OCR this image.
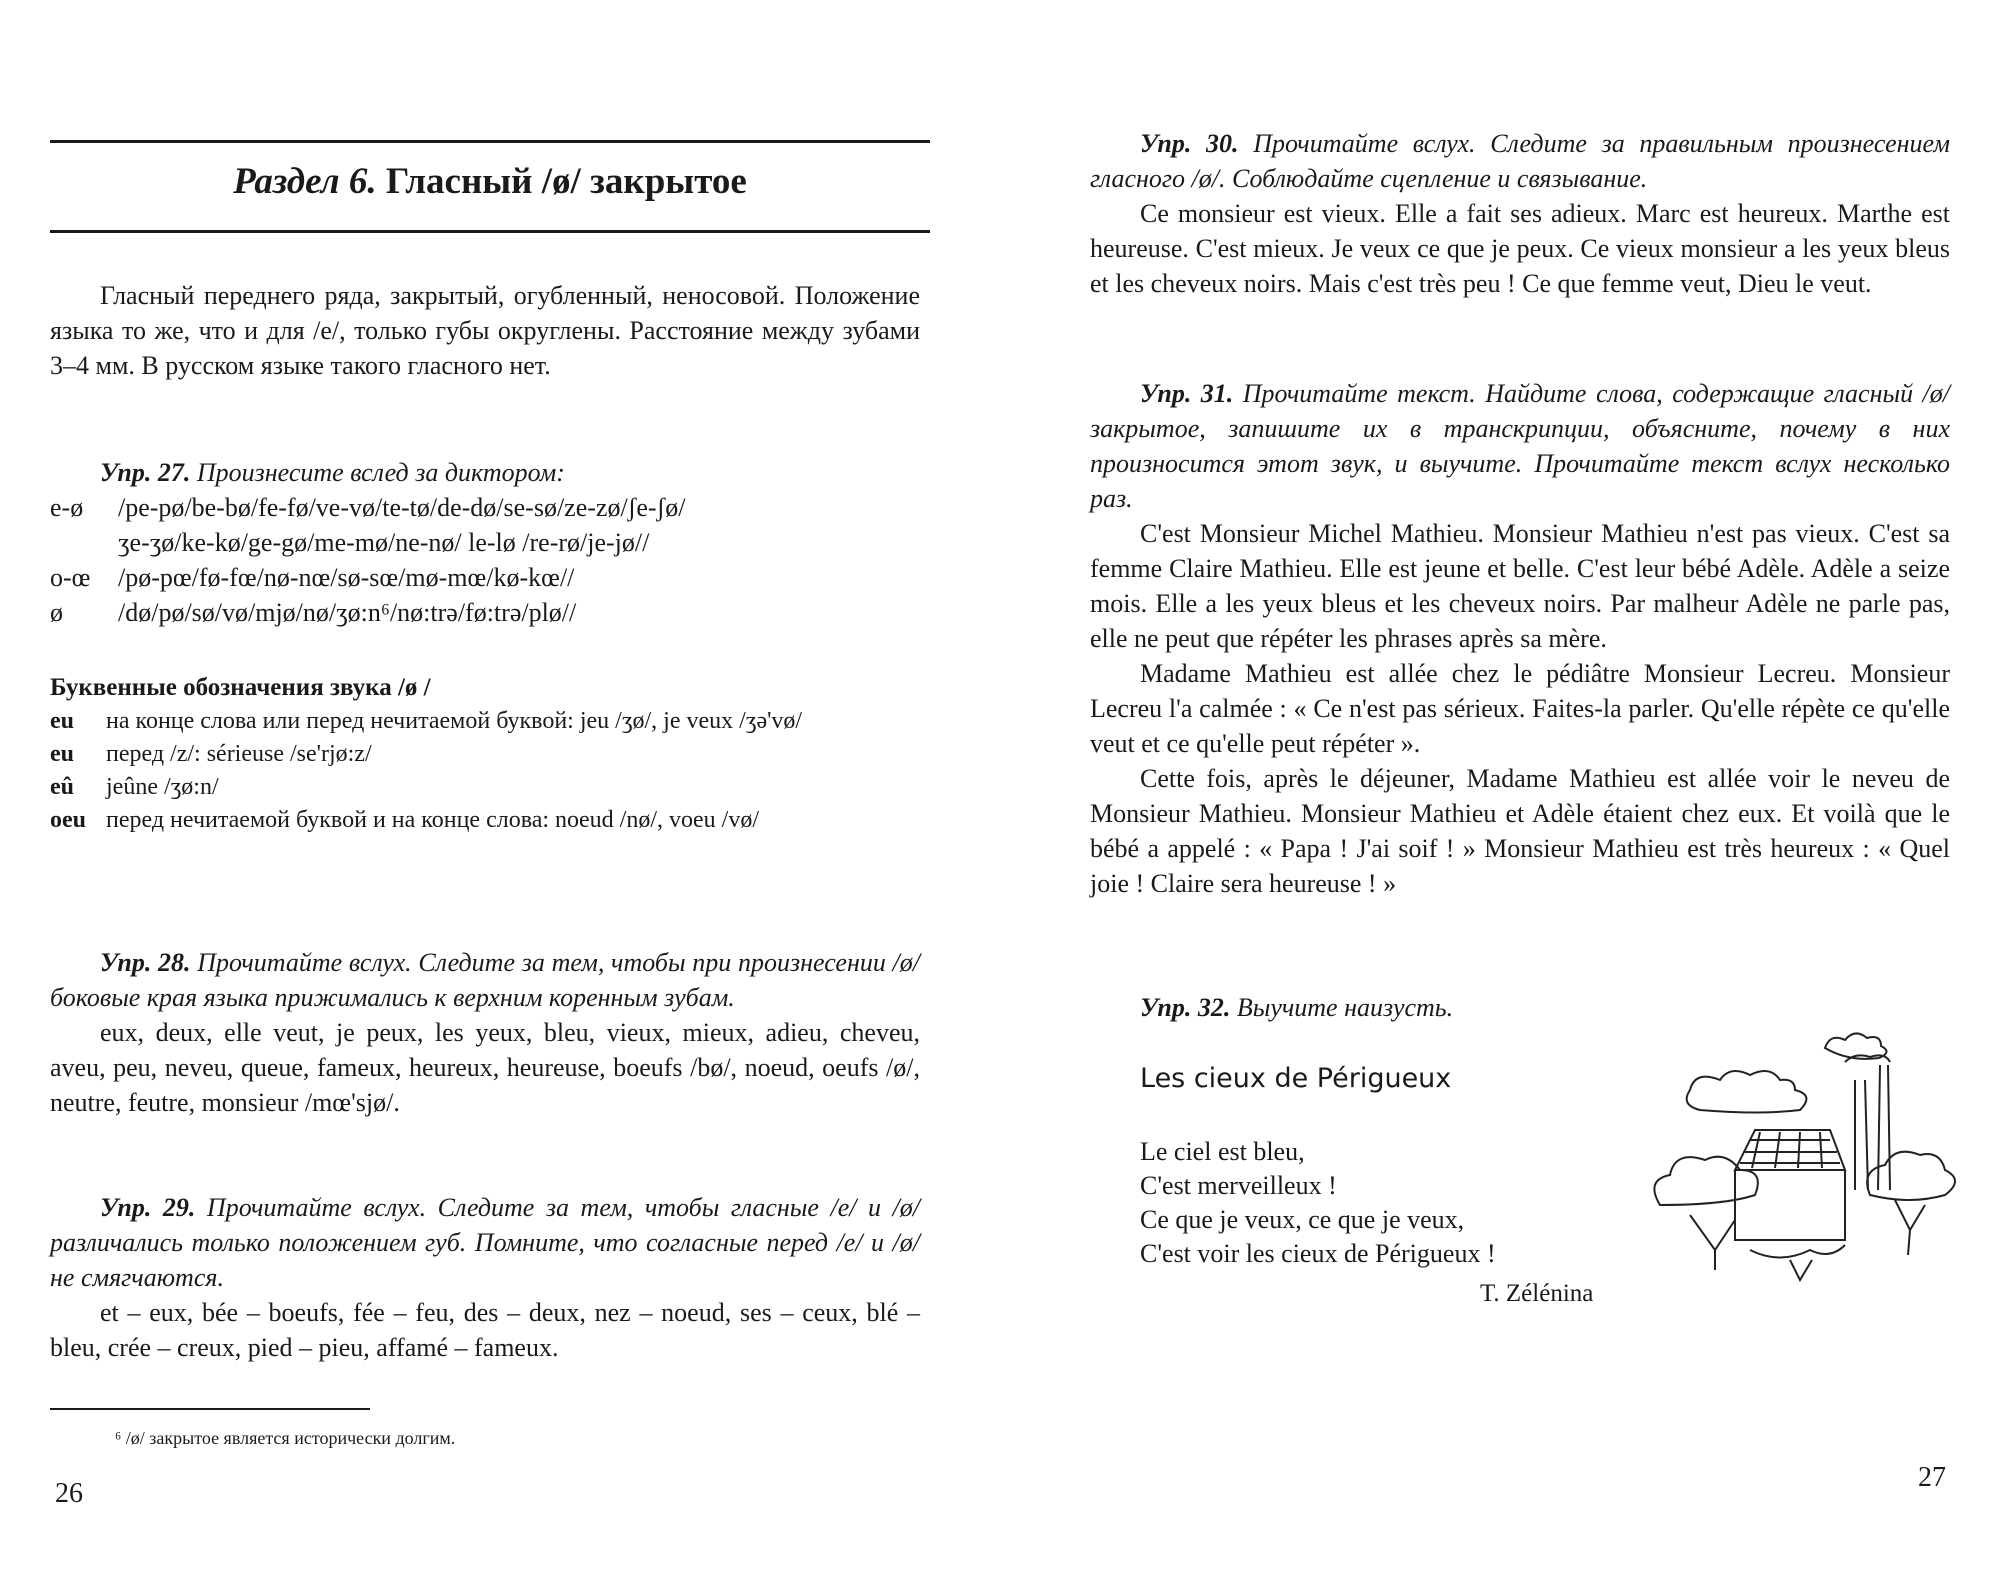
Раздел 6. Гласный /ø/ закрытое
Гласный переднего ряда, закрытый, огубленный, неносовой. Положение языка то же, что и для /e/, только губы округлены. Расстояние между зубами 3–4 мм. В русском языке такого гласного нет.
Упр. 27. Произнесите вслед за диктором:
e-ø	/pe-pø/be-bø/fe-fø/ve-vø/te-tø/de-dø/se-sø/ze-zø/ʃe-ʃø/
ʒe-ʒø/ke-kø/ge-gø/me-mø/ne-nø/ le-lø /re-rø/je-jø//
o-œ	/pø-pœ/fø-fœ/nø-nœ/sø-sœ/mø-mœ/kø-kœ//
ø	/dø/pø/sø/vø/mjø/nø/ʒø:n⁶/nø:trə/fø:trə/plø//
Буквенные обозначения звука /ø /
eu	на конце слова или перед нечитаемой буквой: jeu /ʒø/, je veux /ʒə'vø/
eu	перед /z/: sérieuse /se'rjø:z/
eû	jeûne /ʒø:n/
oeu перед нечитаемой буквой и на конце слова: noeud /nø/, voeu /vø/
Упр. 28. Прочитайте вслух. Следите за тем, чтобы при произнесении /ø/ боковые края языка прижимались к верхним коренным зубам.
eux, deux, elle veut, je peux, les yeux, bleu, vieux, mieux, adieu, cheveu, aveu, peu, neveu, queue, fameux, heureux, heureuse, boeufs /bø/, noeud, oeufs /ø/, neutre, feutre, monsieur /mœ'sjø/.
Упр. 29. Прочитайте вслух. Следите за тем, чтобы гласные /e/ и /ø/ различались только положением губ. Помните, что согласные перед /e/ и /ø/ не смягчаются.
et – eux, bée – boeufs, fée – feu, des – deux, nez – noeud, ses – ceux, blé – bleu, crée – creux, pied – pieu, affamé – fameux.
⁶ /ø/ закрытое является исторически долгим.
26
Упр. 30. Прочитайте вслух. Следите за правильным произнесением гласного /ø/. Соблюдайте сцепление и связывание.
Ce monsieur est vieux. Elle a fait ses adieux. Marc est heureux. Marthe est heureuse. C'est mieux. Je veux ce que je peux. Ce vieux monsieur a les yeux bleus et les cheveux noirs. Mais c'est très peu ! Ce que femme veut, Dieu le veut.
Упр. 31. Прочитайте текст. Найдите слова, содержащие гласный /ø/ закрытое, запишите их в транскрипции, объясните, почему в них произносится этот звук, и выучите. Прочитайте текст вслух несколько раз.
C'est Monsieur Michel Mathieu. Monsieur Mathieu n'est pas vieux. C'est sa femme Claire Mathieu. Elle est jeune et belle. C'est leur bébé Adèle. Adèle a seize mois. Elle a les yeux bleus et les cheveux noirs. Par malheur Adèle ne parle pas, elle ne peut que répéter les phrases après sa mère.
Madame Mathieu est allée chez le pédiâtre Monsieur Lecreu. Monsieur Lecreu l'a calmée : « Ce n'est pas sérieux. Faites-la parler. Qu'elle répète ce qu'elle veut et ce qu'elle peut répéter ».
Cette fois, après le déjeuner, Madame Mathieu est allée voir le neveu de Monsieur Mathieu. Monsieur Mathieu et Adèle étaient chez eux. Et voilà que le bébé a appelé : « Papa ! J'ai soif ! » Monsieur Mathieu est très heureux : « Quel joie ! Claire sera heureuse ! »
Упр. 32. Выучите наизусть.
Les cieux de Périgueux
Le ciel est bleu,
C'est merveilleux !
Ce que je veux, ce que je veux,
C'est voir les cieux de Périgueux !
T. Zélénina
27
